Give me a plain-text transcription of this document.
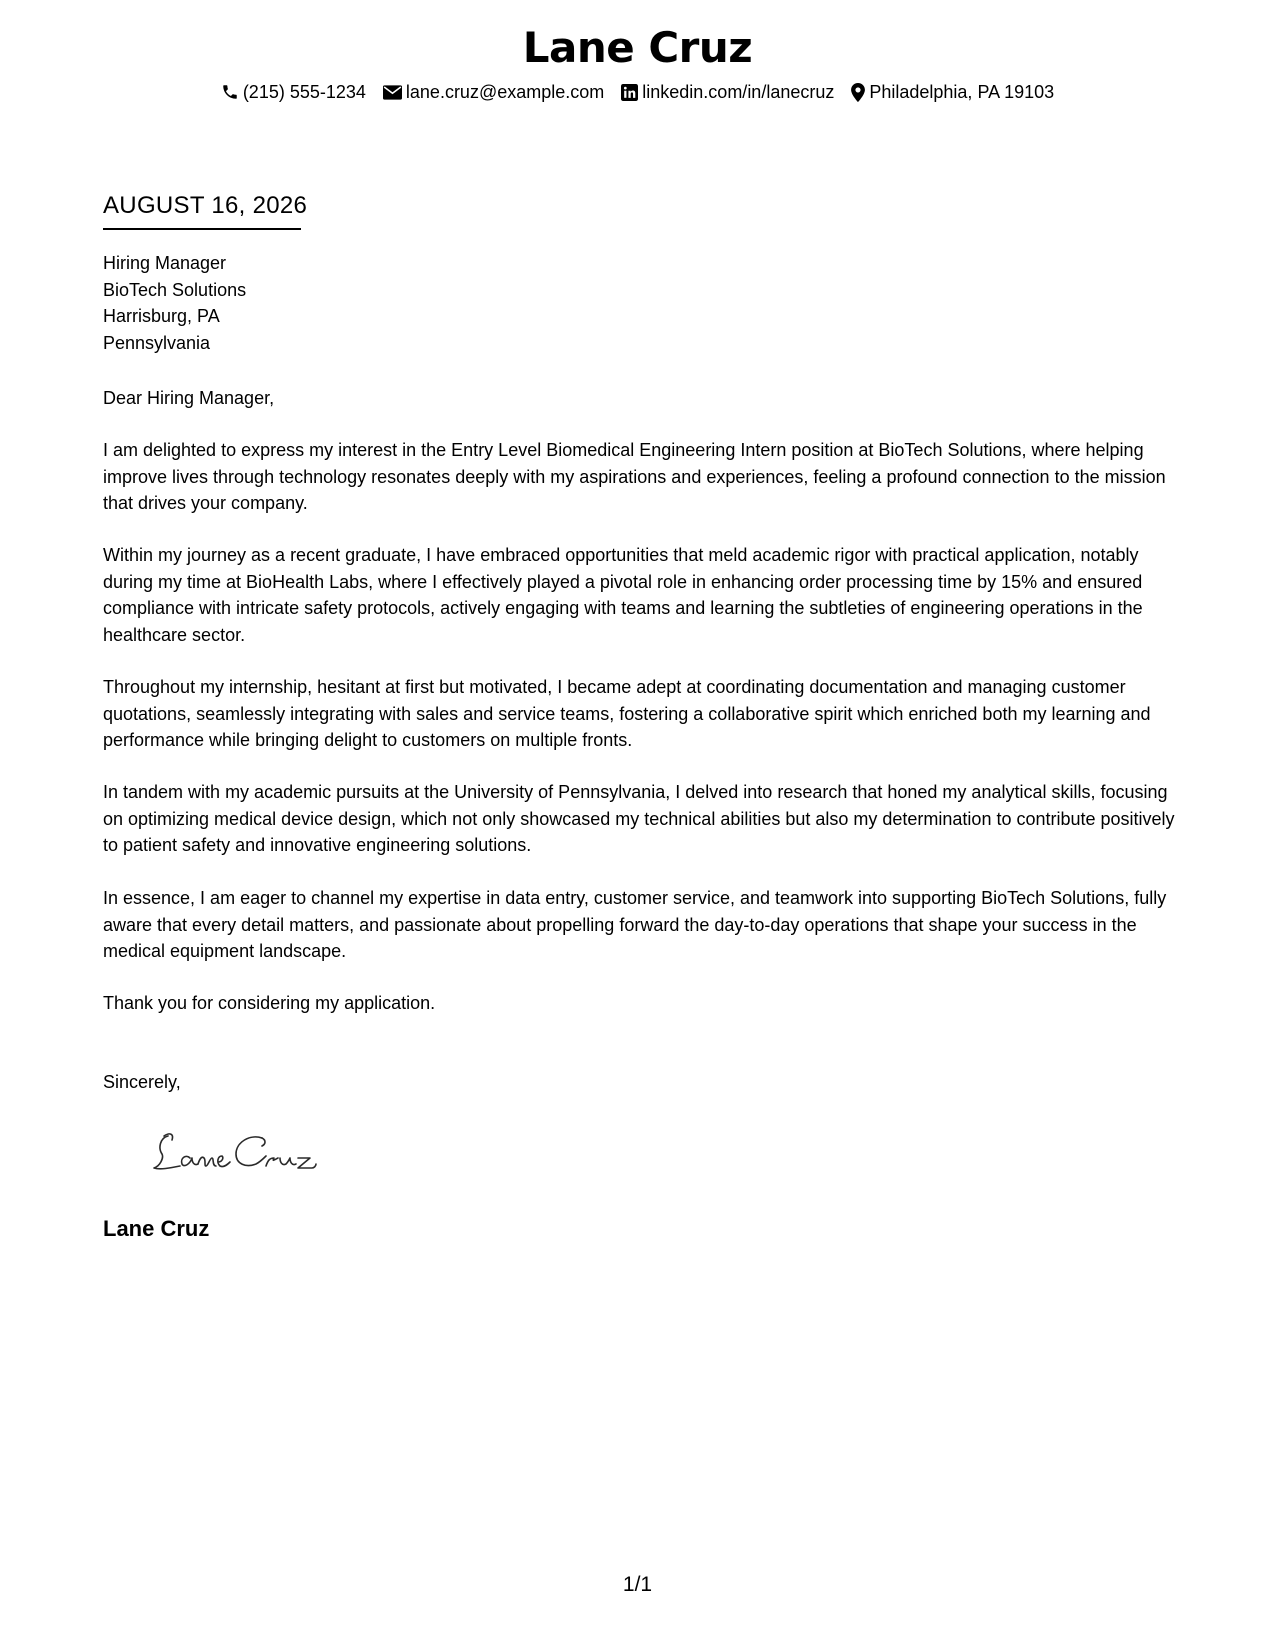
Lane Cruz
(215) 555-1234 lane.cruz@example.com linkedin.com/in/lanecruz Philadelphia, PA 19103
AUGUST 16, 2026
Hiring Manager
BioTech Solutions
Harrisburg, PA
Pennsylvania

Dear Hiring Manager,

I am delighted to express my interest in the Entry Level Biomedical Engineering Intern position at BioTech Solutions, where helping improve lives through technology resonates deeply with my aspirations and experiences, feeling a profound connection to the mission that drives your company.

Within my journey as a recent graduate, I have embraced opportunities that meld academic rigor with practical application, notably during my time at BioHealth Labs, where I effectively played a pivotal role in enhancing order processing time by 15% and ensured compliance with intricate safety protocols, actively engaging with teams and learning the subtleties of engineering operations in the healthcare sector.

Throughout my internship, hesitant at first but motivated, I became adept at coordinating documentation and managing customer quotations, seamlessly integrating with sales and service teams, fostering a collaborative spirit which enriched both my learning and performance while bringing delight to customers on multiple fronts.

In tandem with my academic pursuits at the University of Pennsylvania, I delved into research that honed my analytical skills, focusing on optimizing medical device design, which not only showcased my technical abilities but also my determination to contribute positively to patient safety and innovative engineering solutions.

In essence, I am eager to channel my expertise in data entry, customer service, and teamwork into supporting BioTech Solutions, fully aware that every detail matters, and passionate about propelling forward the day-to-day operations that shape your success in the medical equipment landscape.

Thank you for considering my application.

Sincerely,

Lane Cruz
1/1
